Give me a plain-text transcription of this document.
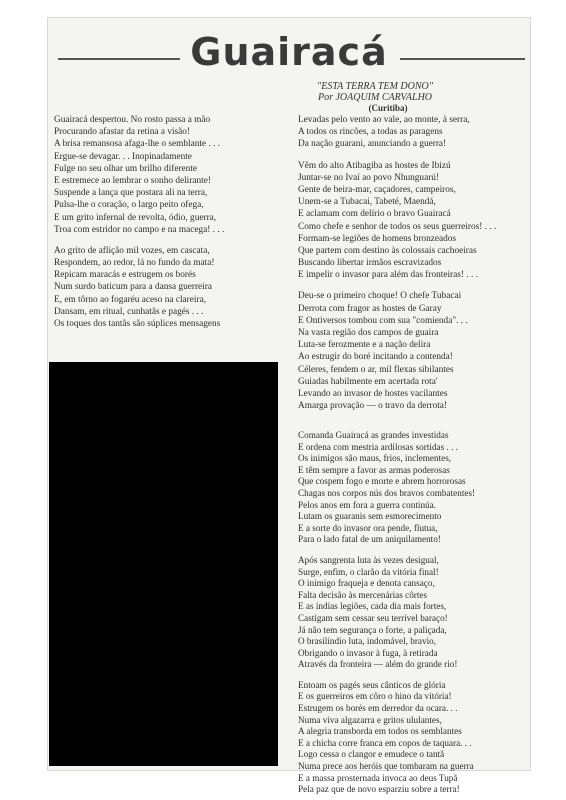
Guairacá
"ESTA TERRA TEM DONO"
Por JOAQUIM CARVALHO
(Curitiba)
Guairacá despertou. No rosto passa a mão
Procurando afastar da retina a visão!
A brisa remansosa afaga-lhe o semblante . . .
Ergue-se devagar. . . Inopinadamente
Fulge no seu olhar um brilho diferente
E estremece ao lembrar o sonho delirante!
Suspende a lança que postara ali na terra,
Pulsa-lhe o coração, o largo peito ofega,
E um grito infernal de revolta, ódio, guerra,
Troa com estridor no campo e na macega! . . .
Ao grito de aflição mil vozes, em cascata,
Respondem, ao redor, lá no fundo da mata!
Repicam maracás e estrugem os borés
Num surdo baticum para a dansa guerreira
E, em tôrno ao fogaréu aceso na clareira,
Dansam, em ritual, cunhatãs e pagés . . .
Os toques dos tantãs são súplices mensagens
Levadas pelo vento ao vale, ao monte, à serra,
A todos os rincões, a todas as paragens
Da nação guarani, anunciando a guerra!
Vêm do alto Atibagiba as hostes de Ibizú
Juntar-se no Ivaí ao povo Nhunguarú!
Gente de beira-mar, caçadores, campeiros,
Unem-se a Tubacai, Tabeté, Maendá,
E aclamam com delírio o bravo Guairacá
Como chefe e senhor de todos os seus guerreiros! . . .
Formam-se legiões de homens bronzeados
Que partem com destino às colossais cachoeiras
Buscando libertar irmãos escravizados
E impelir o invasor para além das fronteiras! . . .
Deu-se o primeiro choque! O chefe Tubacai
Derrota com fragor as hostes de Garay
E Ontiversos tombou com sua "comienda". . .
Na vasta região dos campos de guaira
Luta-se ferozmente e a nação delira
Ao estrugir do boré incitando a contenda!
Céleres, fendem o ar, mil flexas sibilantes
Guiadas habilmente em acertada rota'
Levando ao invasor de hostes vacilantes
Amarga provação — o travo da derrota!
Comanda Guairacá as grandes investidas
E ordena com mestria ardilosas sortidas . . .
Os inimigos são maus, frios, inclementes,
E têm sempre a favor as armas poderosas
Que cospem fogo e morte e abrem horrorosas
Chagas nos corpos nús dos bravos combatentes!
Pelos anos em fora a guerra continúa.
Lutam os guaranis sem esmorecimento
E a sorte do invasor ora pende, flutua,
Para o lado fatal de um aniquilamento!
Após sangrenta luta às vezes desigual,
Surge, enfim, o clarão da vitória final!
O inimigo fraqueja e denota cansaço,
Falta decisão às mercenárias côrtes
E as índias legiões, cada dia mais fortes,
Castigam sem cessar seu terrível baraço!
Já não tem segurança o forte, a paliçada,
O brasilíndio luta, indomável, bravio,
Obrigando o invasor à fuga, à retirada
Através da fronteira — além do grande rio!
Entoam os pagés seus cânticos de glória
E os guerreiros em côro o hino da vitória!
Estrugem os borés em derredor da ocara. . .
Numa viva algazarra e gritos ululantes,
A alegria transborda em todos os semblantes
E a chicha corre franca em copos de taquara. . .
Logo cessa o clangor e emudece o tantã
Numa prece aos heróis que tombaram na guerra
E a massa prosternada invoca ao deus Tupã
Pela paz que de novo esparziu sobre a terra!
